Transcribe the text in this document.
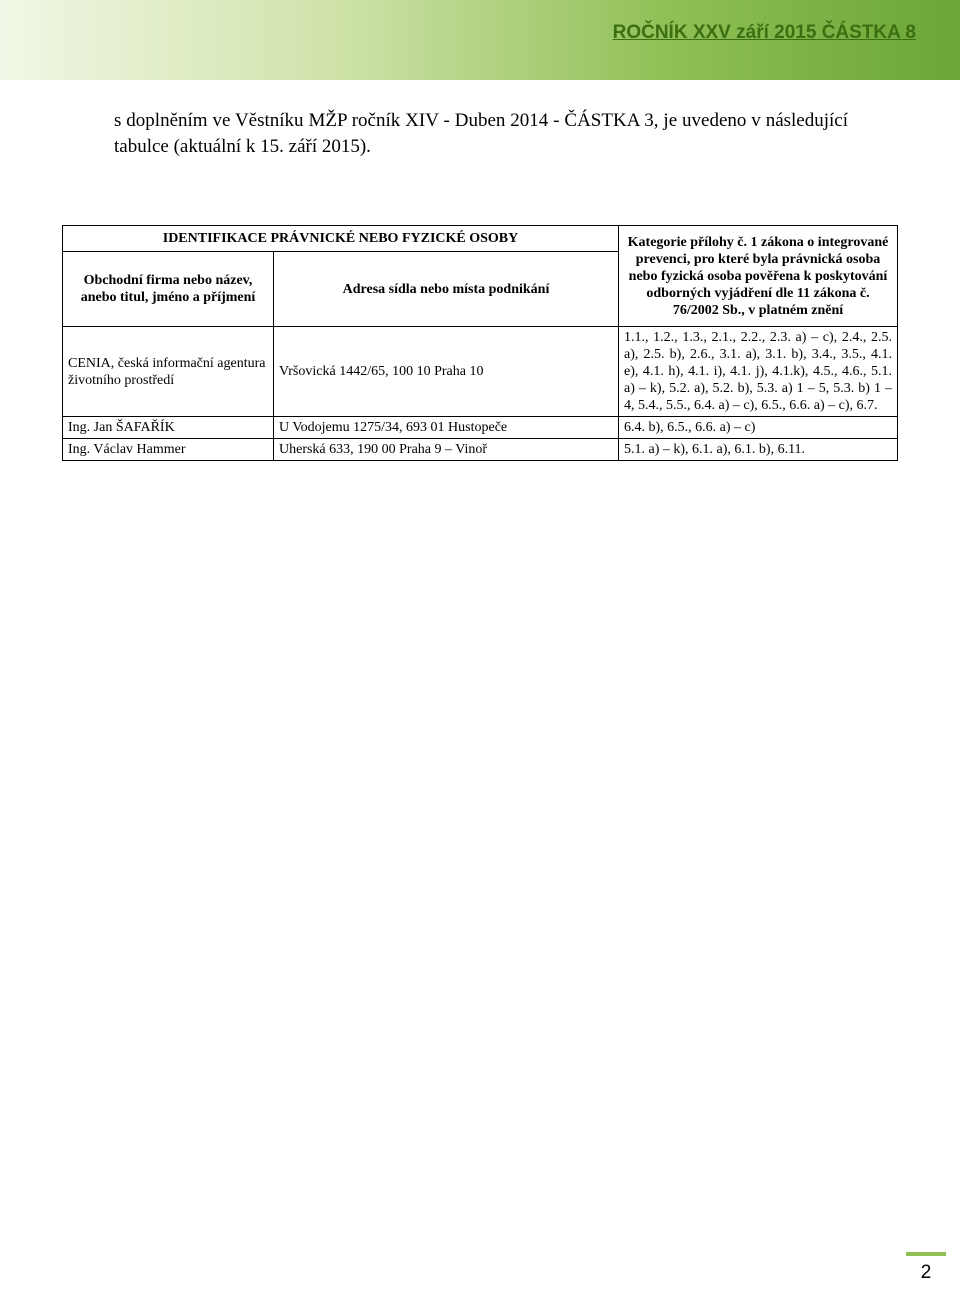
ROČNÍK XXV září 2015 ČÁSTKA 8

s doplněním ve Věstníku MŽP ročník XIV - Duben 2014 - ČÁSTKA 3, je uvedeno v následující tabulce (aktuální k 15. září 2015).

IDENTIFIKACE PRÁVNICKÉ NEBO FYZICKÉ OSOBY		Kategorie přílohy č. 1 zákona o integrované prevenci, pro které byla právnická osoba nebo fyzická osoba pověřena k poskytování odborných vyjádření dle 11 zákona č. 76/2002 Sb., v platném znění
Obchodní firma nebo název, anebo titul, jméno a příjmení	Adresa sídla nebo místa podnikání	
CENIA, česká informační agentura životního prostředí	Vršovická 1442/65, 100 10 Praha 10	1.1., 1.2., 1.3., 2.1., 2.2., 2.3. a) – c), 2.4., 2.5. a), 2.5. b), 2.6., 3.1. a), 3.1. b), 3.4., 3.5., 4.1. e), 4.1. h), 4.1. i), 4.1. j), 4.1.k), 4.5., 4.6., 5.1. a) – k), 5.2. a), 5.2. b), 5.3. a) 1 – 5, 5.3. b) 1 – 4, 5.4., 5.5., 6.4. a) – c), 6.5., 6.6. a) – c), 6.7.
Ing. Jan ŠAFAŘÍK	U Vodojemu 1275/34, 693 01 Hustopeče	6.4. b), 6.5., 6.6. a) – c)
Ing. Václav Hammer	Uherská 633, 190 00 Praha 9 – Vinoř	5.1. a) – k), 6.1. a), 6.1. b), 6.11.
2
